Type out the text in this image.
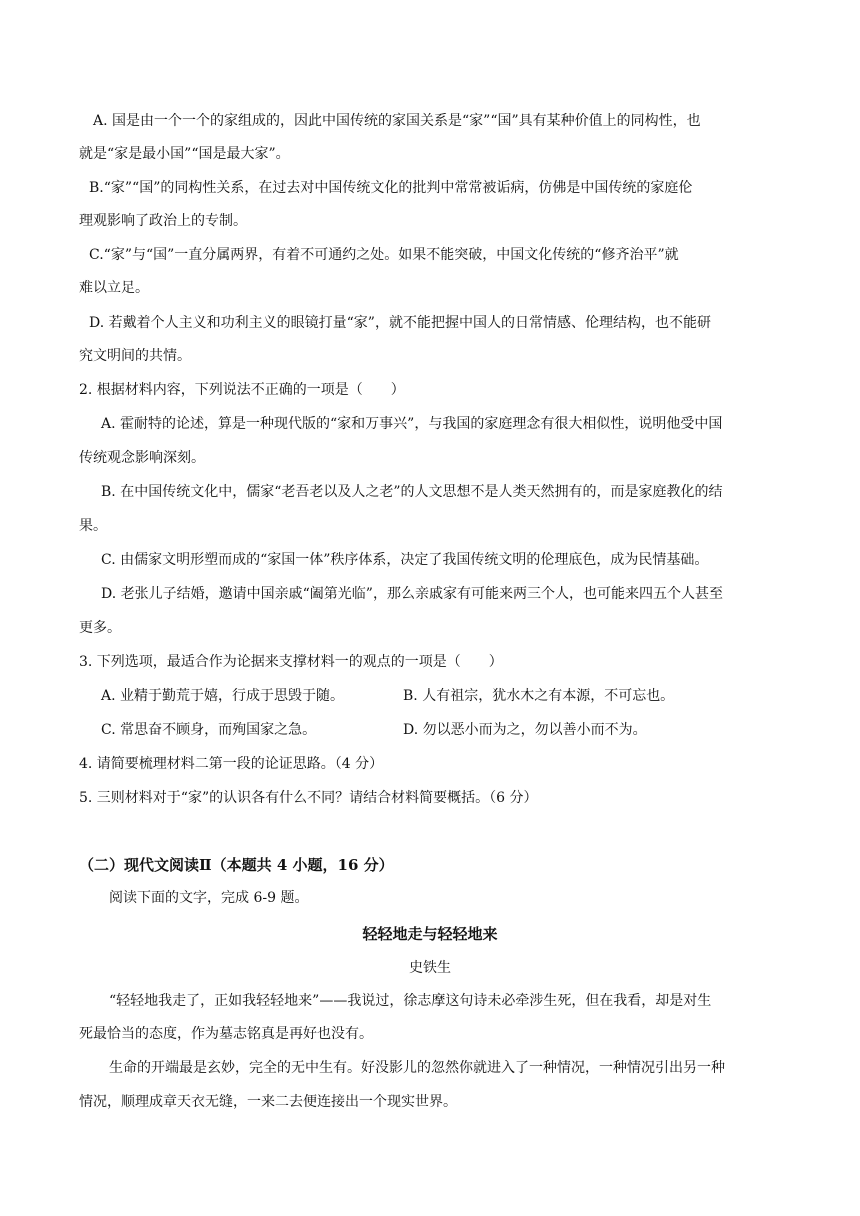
A. 国是由一个一个的家组成的，因此中国传统的家国关系是“家”“国”具有某种价值上的同构性，也
就是“家是最小国”“国是最大家”。
B.“家”“国”的同构性关系，在过去对中国传统文化的批判中常常被诟病，仿佛是中国传统的家庭伦
理观影响了政治上的专制。
C.“家”与“国”一直分属两界，有着不可通约之处。如果不能突破，中国文化传统的“修齐治平”就
难以立足。
D. 若戴着个人主义和功利主义的眼镜打量“家”，就不能把握中国人的日常情感、伦理结构，也不能研
究文明间的共情。
2. 根据材料内容，下列说法不正确的一项是（　　）
A. 霍耐特的论述，算是一种现代版的“家和万事兴”，与我国的家庭理念有很大相似性，说明他受中国
传统观念影响深刻。
B. 在中国传统文化中，儒家“老吾老以及人之老”的人文思想不是人类天然拥有的，而是家庭教化的结
果。
C. 由儒家文明形塑而成的“家国一体”秩序体系，决定了我国传统文明的伦理底色，成为民情基础。
D. 老张儿子结婚，邀请中国亲戚“阖第光临”，那么亲戚家有可能来两三个人，也可能来四五个人甚至
更多。
3. 下列选项，最适合作为论据来支撑材料一的观点的一项是（　　）
A. 业精于勤荒于嬉，行成于思毁于随。	B. 人有祖宗，犹水木之有本源，不可忘也。
C. 常思奋不顾身，而殉国家之急。	D. 勿以恶小而为之，勿以善小而不为。
4. 请简要梳理材料二第一段的论证思路。（4 分）
5. 三则材料对于“家”的认识各有什么不同？请结合材料简要概括。（6 分）
（二）现代文阅读Ⅱ（本题共 4 小题，16 分）
阅读下面的文字，完成 6-9 题。
轻轻地走与轻轻地来
史铁生
“轻轻地我走了，正如我轻轻地来”——我说过，徐志摩这句诗未必牵涉生死，但在我看，却是对生
死最恰当的态度，作为墓志铭真是再好也没有。
生命的开端最是玄妙，完全的无中生有。好没影儿的忽然你就进入了一种情况，一种情况引出另一种
情况，顺理成章天衣无缝，一来二去便连接出一个现实世界。
